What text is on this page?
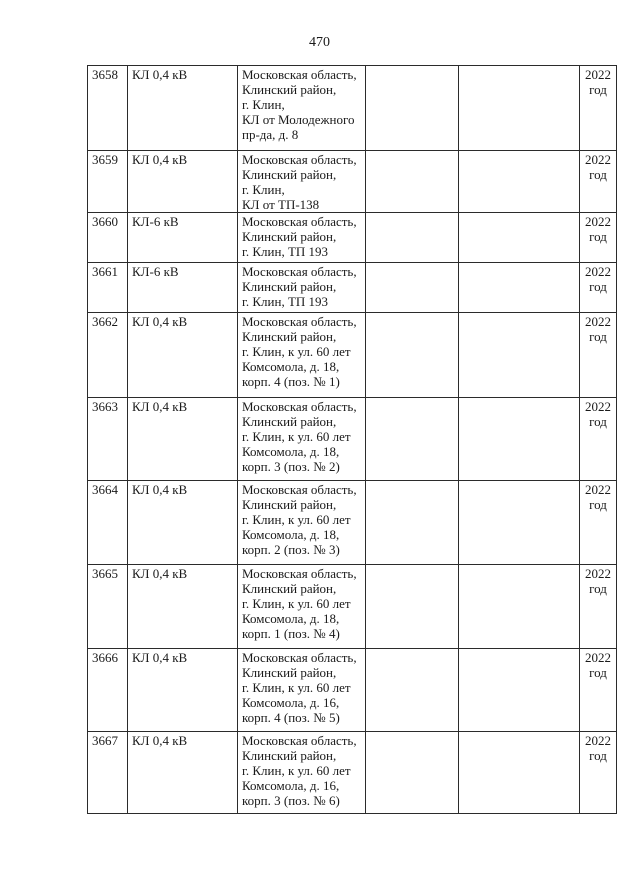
470
3658	КЛ 0,4 кВ	Московская область,
Клинский район,
г. Клин,
КЛ от Молодежного
пр-да, д. 8			2022
год

3659	КЛ 0,4 кВ	Московская область,
Клинский район,
г. Клин,
КЛ от ТП-138			2022
год

3660	КЛ-6 кВ	Московская область,
Клинский район,
г. Клин, ТП 193			2022
год

3661	КЛ-6 кВ	Московская область,
Клинский район,
г. Клин, ТП 193			2022
год

3662	КЛ 0,4 кВ	Московская область,
Клинский район,
г. Клин, к ул. 60 лет
Комсомола, д. 18,
корп. 4 (поз. № 1)			2022
год

3663	КЛ 0,4 кВ	Московская область,
Клинский район,
г. Клин, к ул. 60 лет
Комсомола, д. 18,
корп. 3 (поз. № 2)			2022
год

3664	КЛ 0,4 кВ	Московская область,
Клинский район,
г. Клин, к ул. 60 лет
Комсомола, д. 18,
корп. 2 (поз. № 3)			2022
год

3665	КЛ 0,4 кВ	Московская область,
Клинский район,
г. Клин, к ул. 60 лет
Комсомола, д. 18,
корп. 1 (поз. № 4)			2022
год

3666	КЛ 0,4 кВ	Московская область,
Клинский район,
г. Клин, к ул. 60 лет
Комсомола, д. 16,
корп. 4 (поз. № 5)			2022
год

3667	КЛ 0,4 кВ	Московская область,
Клинский район,
г. Клин, к ул. 60 лет
Комсомола, д. 16,
корп. 3 (поз. № 6)			2022
год
